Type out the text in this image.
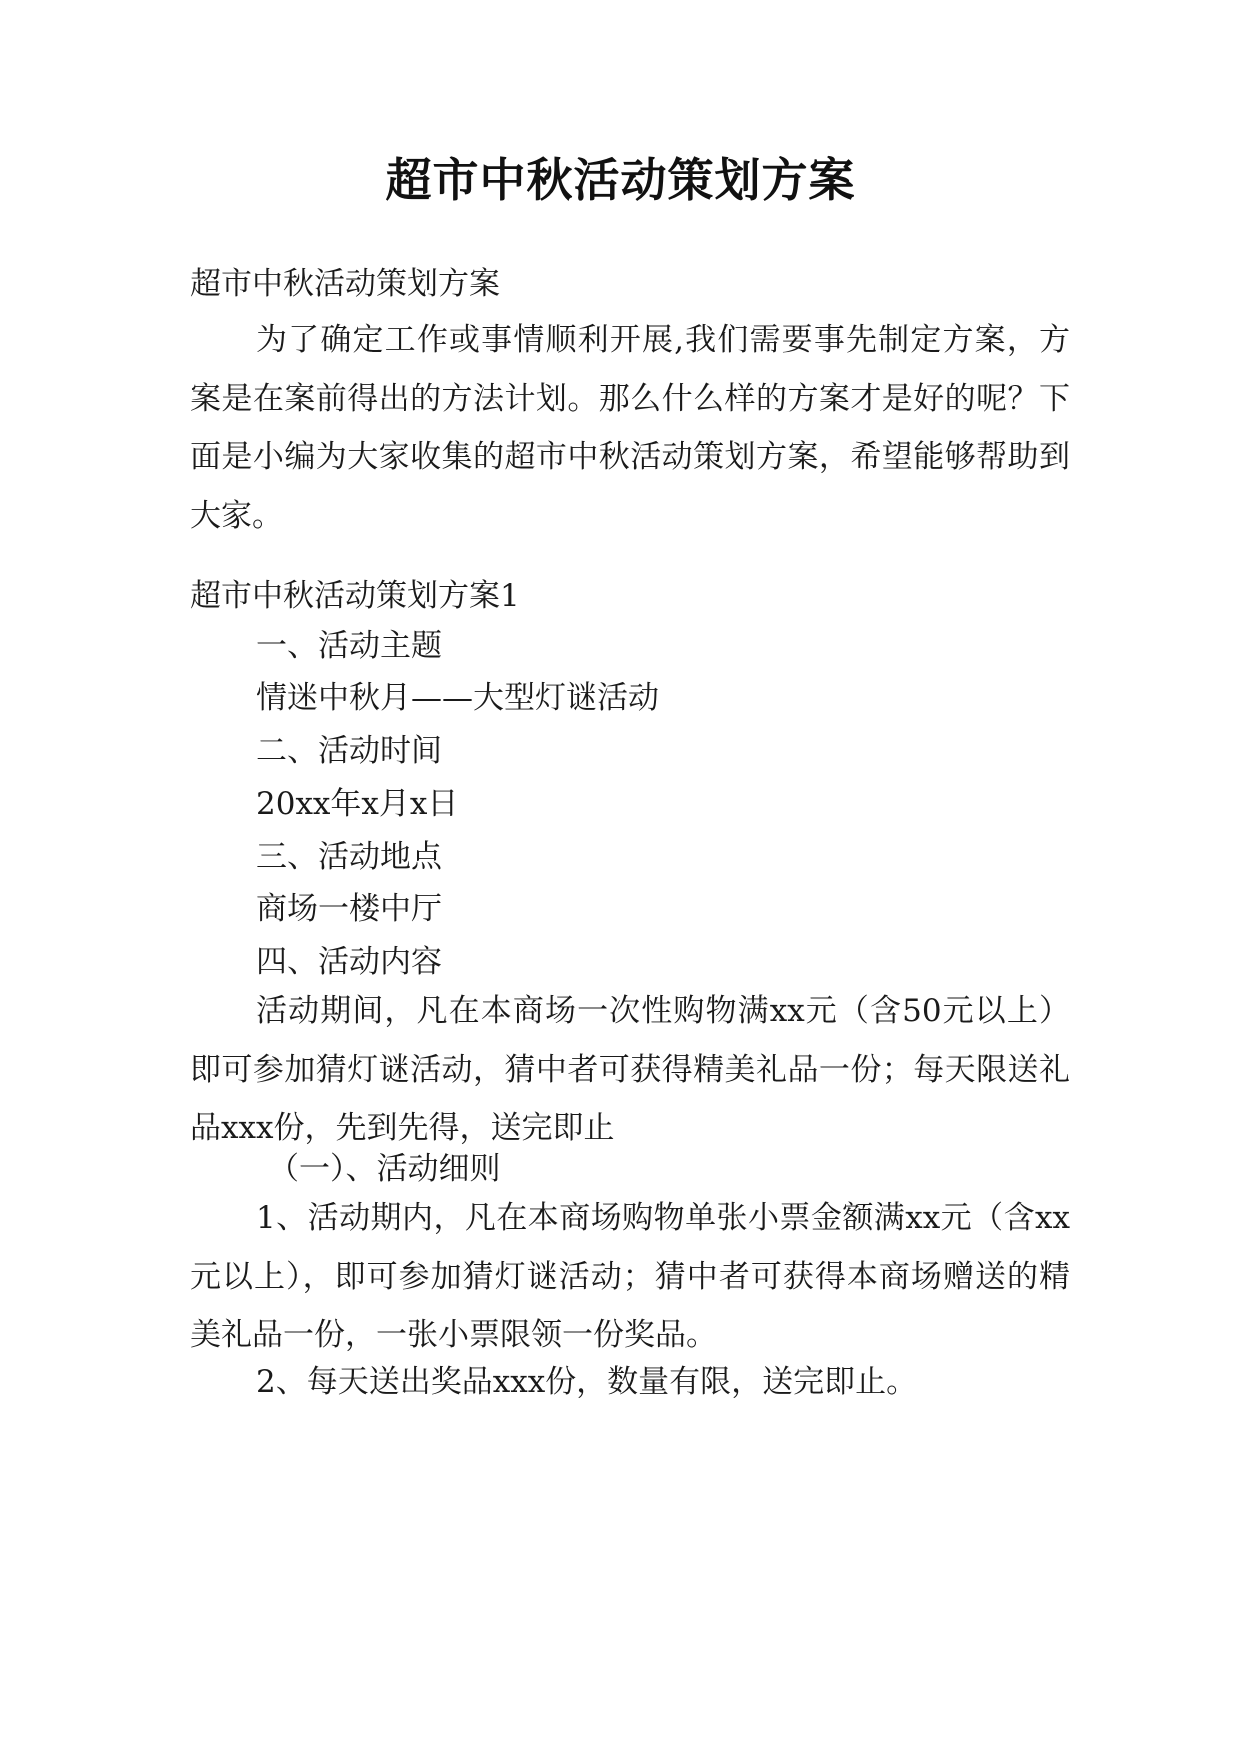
超市中秋活动策划方案
超市中秋活动策划方案
为了确定工作或事情顺利开展,我们需要事先制定方案，方案是在案前得出的方法计划。那么什么样的方案才是好的呢？下面是小编为大家收集的超市中秋活动策划方案，希望能够帮助到大家。
超市中秋活动策划方案1
一、活动主题
情迷中秋月——大型灯谜活动
二、活动时间
20xx年x月x日
三、活动地点
商场一楼中厅
四、活动内容
活动期间，凡在本商场一次性购物满xx元（含50元以上）即可参加猜灯谜活动，猜中者可获得精美礼品一份；每天限送礼品xxx份，先到先得，送完即止
（一）、活动细则
1、活动期内，凡在本商场购物单张小票金额满xx元（含xx元以上），即可参加猜灯谜活动；猜中者可获得本商场赠送的精美礼品一份，一张小票限领一份奖品。
2、每天送出奖品xxx份，数量有限，送完即止。
